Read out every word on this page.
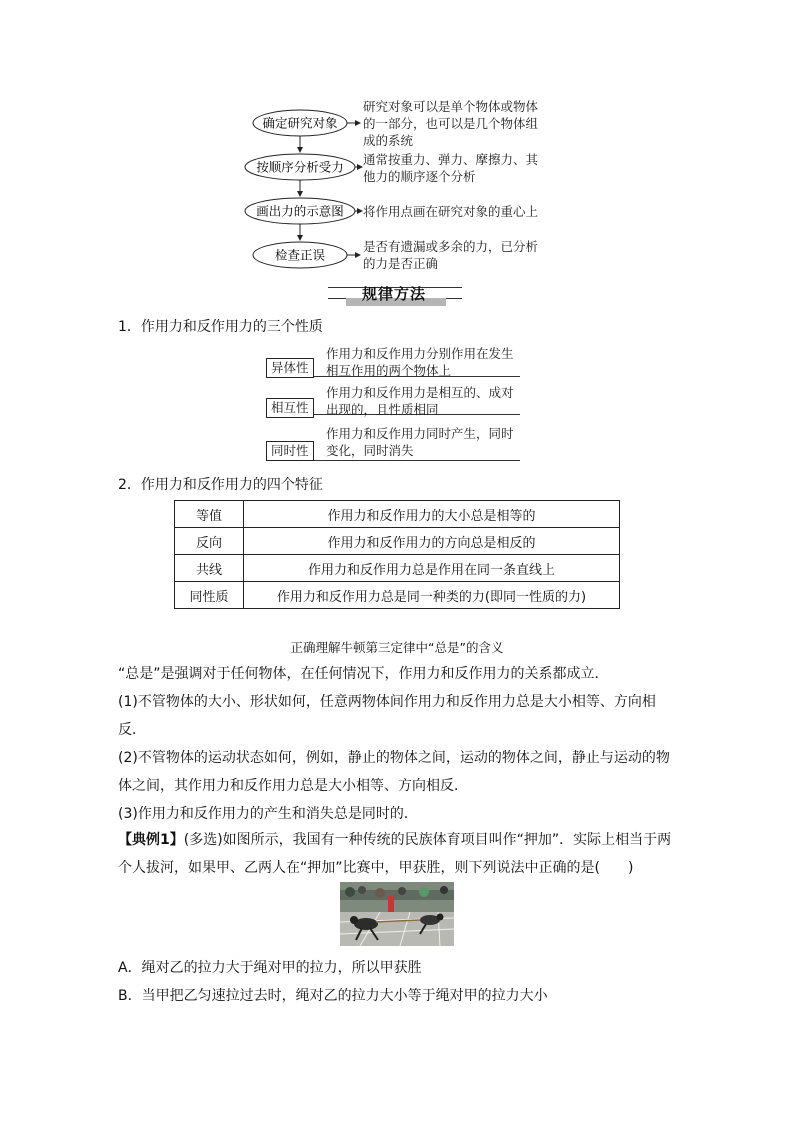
确定研究对象
按顺序分析受力
画出力的示意图
检查正误
研究对象可以是单个物体或物体
的一部分，也可以是几个物体组
成的系统
通常按重力、弹力、摩擦力、其
他力的顺序逐个分析
将作用点画在研究对象的重心上
是否有遗漏或多余的力，已分析
的力是否正确
规律方法
1．作用力和反作用力的三个性质
异体性
作用力和反作用力分别作用在发生
相互作用的两个物体上
相互性
作用力和反作用力是相互的、成对
出现的，且性质相同
同时性
作用力和反作用力同时产生，同时
变化，同时消失
2．作用力和反作用力的四个特征
等值	作用力和反作用力的大小总是相等的
反向	作用力和反作用力的方向总是相反的
共线	作用力和反作用力总是作用在同一条直线上
同性质	作用力和反作用力总是同一种类的力(即同一性质的力)
正确理解牛顿第三定律中“总是”的含义
“总是”是强调对于任何物体，在任何情况下，作用力和反作用力的关系都成立．
(1)不管物体的大小、形状如何，任意两物体间作用力和反作用力总是大小相等、方向相反．
(2)不管物体的运动状态如何，例如，静止的物体之间，运动的物体之间，静止与运动的物体之间，其作用力和反作用力总是大小相等、方向相反．
(3)作用力和反作用力的产生和消失总是同时的．
【典例1】(多选)如图所示，我国有一种传统的民族体育项目叫作“押加”．实际上相当于两个人拔河，如果甲、乙两人在“押加”比赛中，甲获胜，则下列说法中正确的是(　　)
A．绳对乙的拉力大于绳对甲的拉力，所以甲获胜
B．当甲把乙匀速拉过去时，绳对乙的拉力大小等于绳对甲的拉力大小
